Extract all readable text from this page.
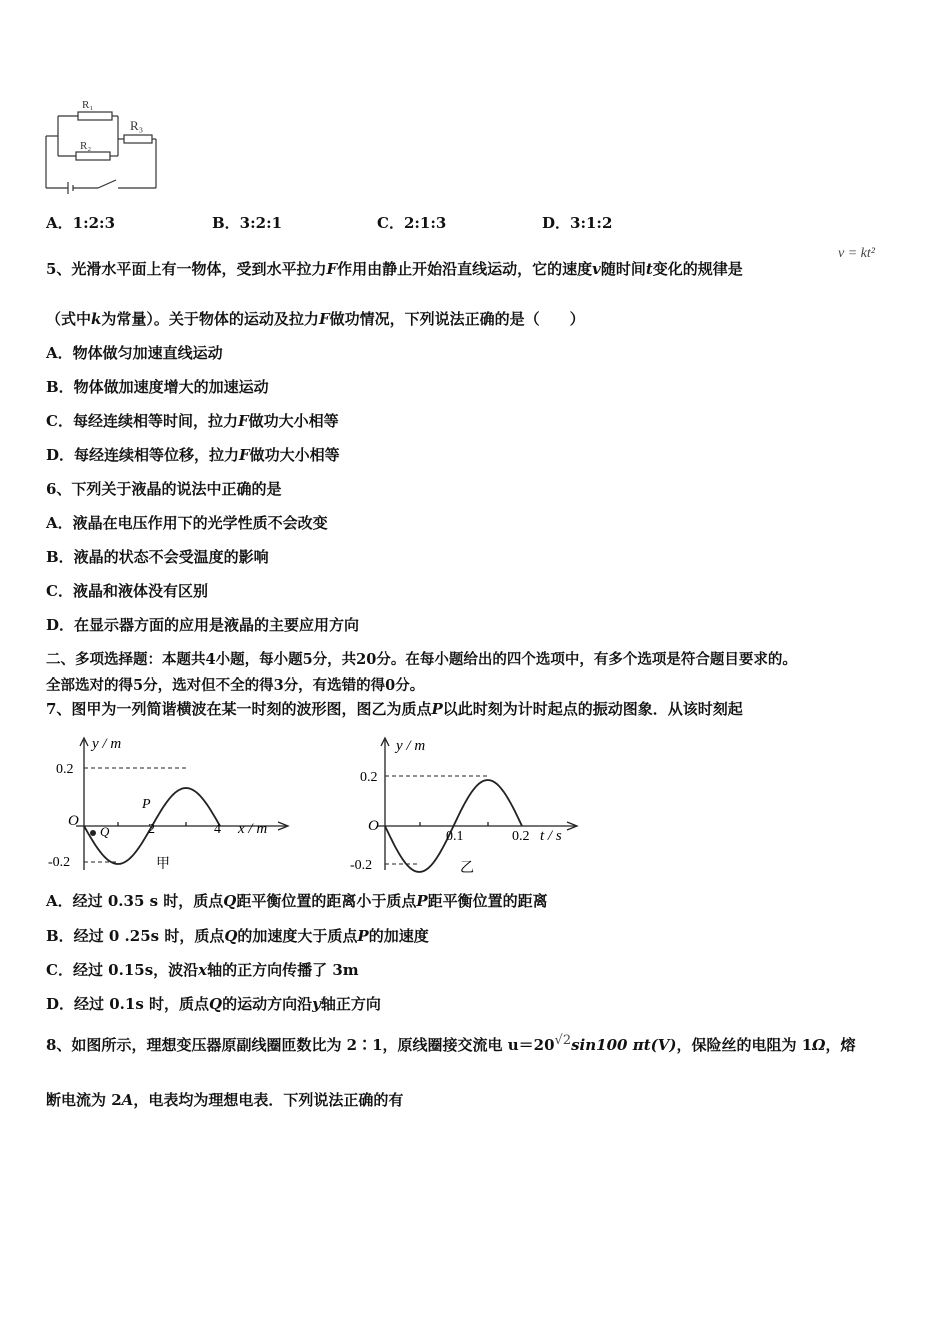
R₁
R₂
R₃
A．1:2:3	B．3:2:1	C．2:1:3	D．3:1:2
5、光滑水平面上有一物体，受到水平拉力F作用由静止开始沿直线运动，它的速度v随时间t变化的规律是
v = kt²
（式中k为常量）。关于物体的运动及拉力F做功情况，下列说法正确的是（　　）
A．物体做匀加速直线运动
B．物体做加速度增大的加速运动
C．每经连续相等时间，拉力F做功大小相等
D．每经连续相等位移，拉力F做功大小相等
6、下列关于液晶的说法中正确的是
A．液晶在电压作用下的光学性质不会改变
B．液晶的状态不会受温度的影响
C．液晶和液体没有区别
D．在显示器方面的应用是液晶的主要应用方向
二、多项选择题：本题共4小题，每小题5分，共20分。在每小题给出的四个选项中，有多个选项是符合题目要求的。
全部选对的得5分，选对但不全的得3分，有选错的得0分。
7、图甲为一列简谐横波在某一时刻的波形图，图乙为质点P以此时刻为计时起点的振动图象．从该时刻起
y / m
0.2
-0.2
O
2	4 x / m
P
Q
甲
y / m
0.2
-0.2
O
0.1	0.2 t / s
乙
A．经过 0.35 s 时，质点Q距平衡位置的距离小于质点P距平衡位置的距离
B．经过 0 .25s 时，质点Q的加速度大于质点P的加速度
C．经过 0.15s，波沿x轴的正方向传播了 3m
D．经过 0.1s 时，质点Q的运动方向沿y轴正方向
8、如图所示，理想变压器原副线圈匝数比为 2∶1，原线圈接交流电 u＝20√2sin100 πt(V)，保险丝的电阻为 1Ω，熔
断电流为 2A，电表均为理想电表．下列说法正确的有
